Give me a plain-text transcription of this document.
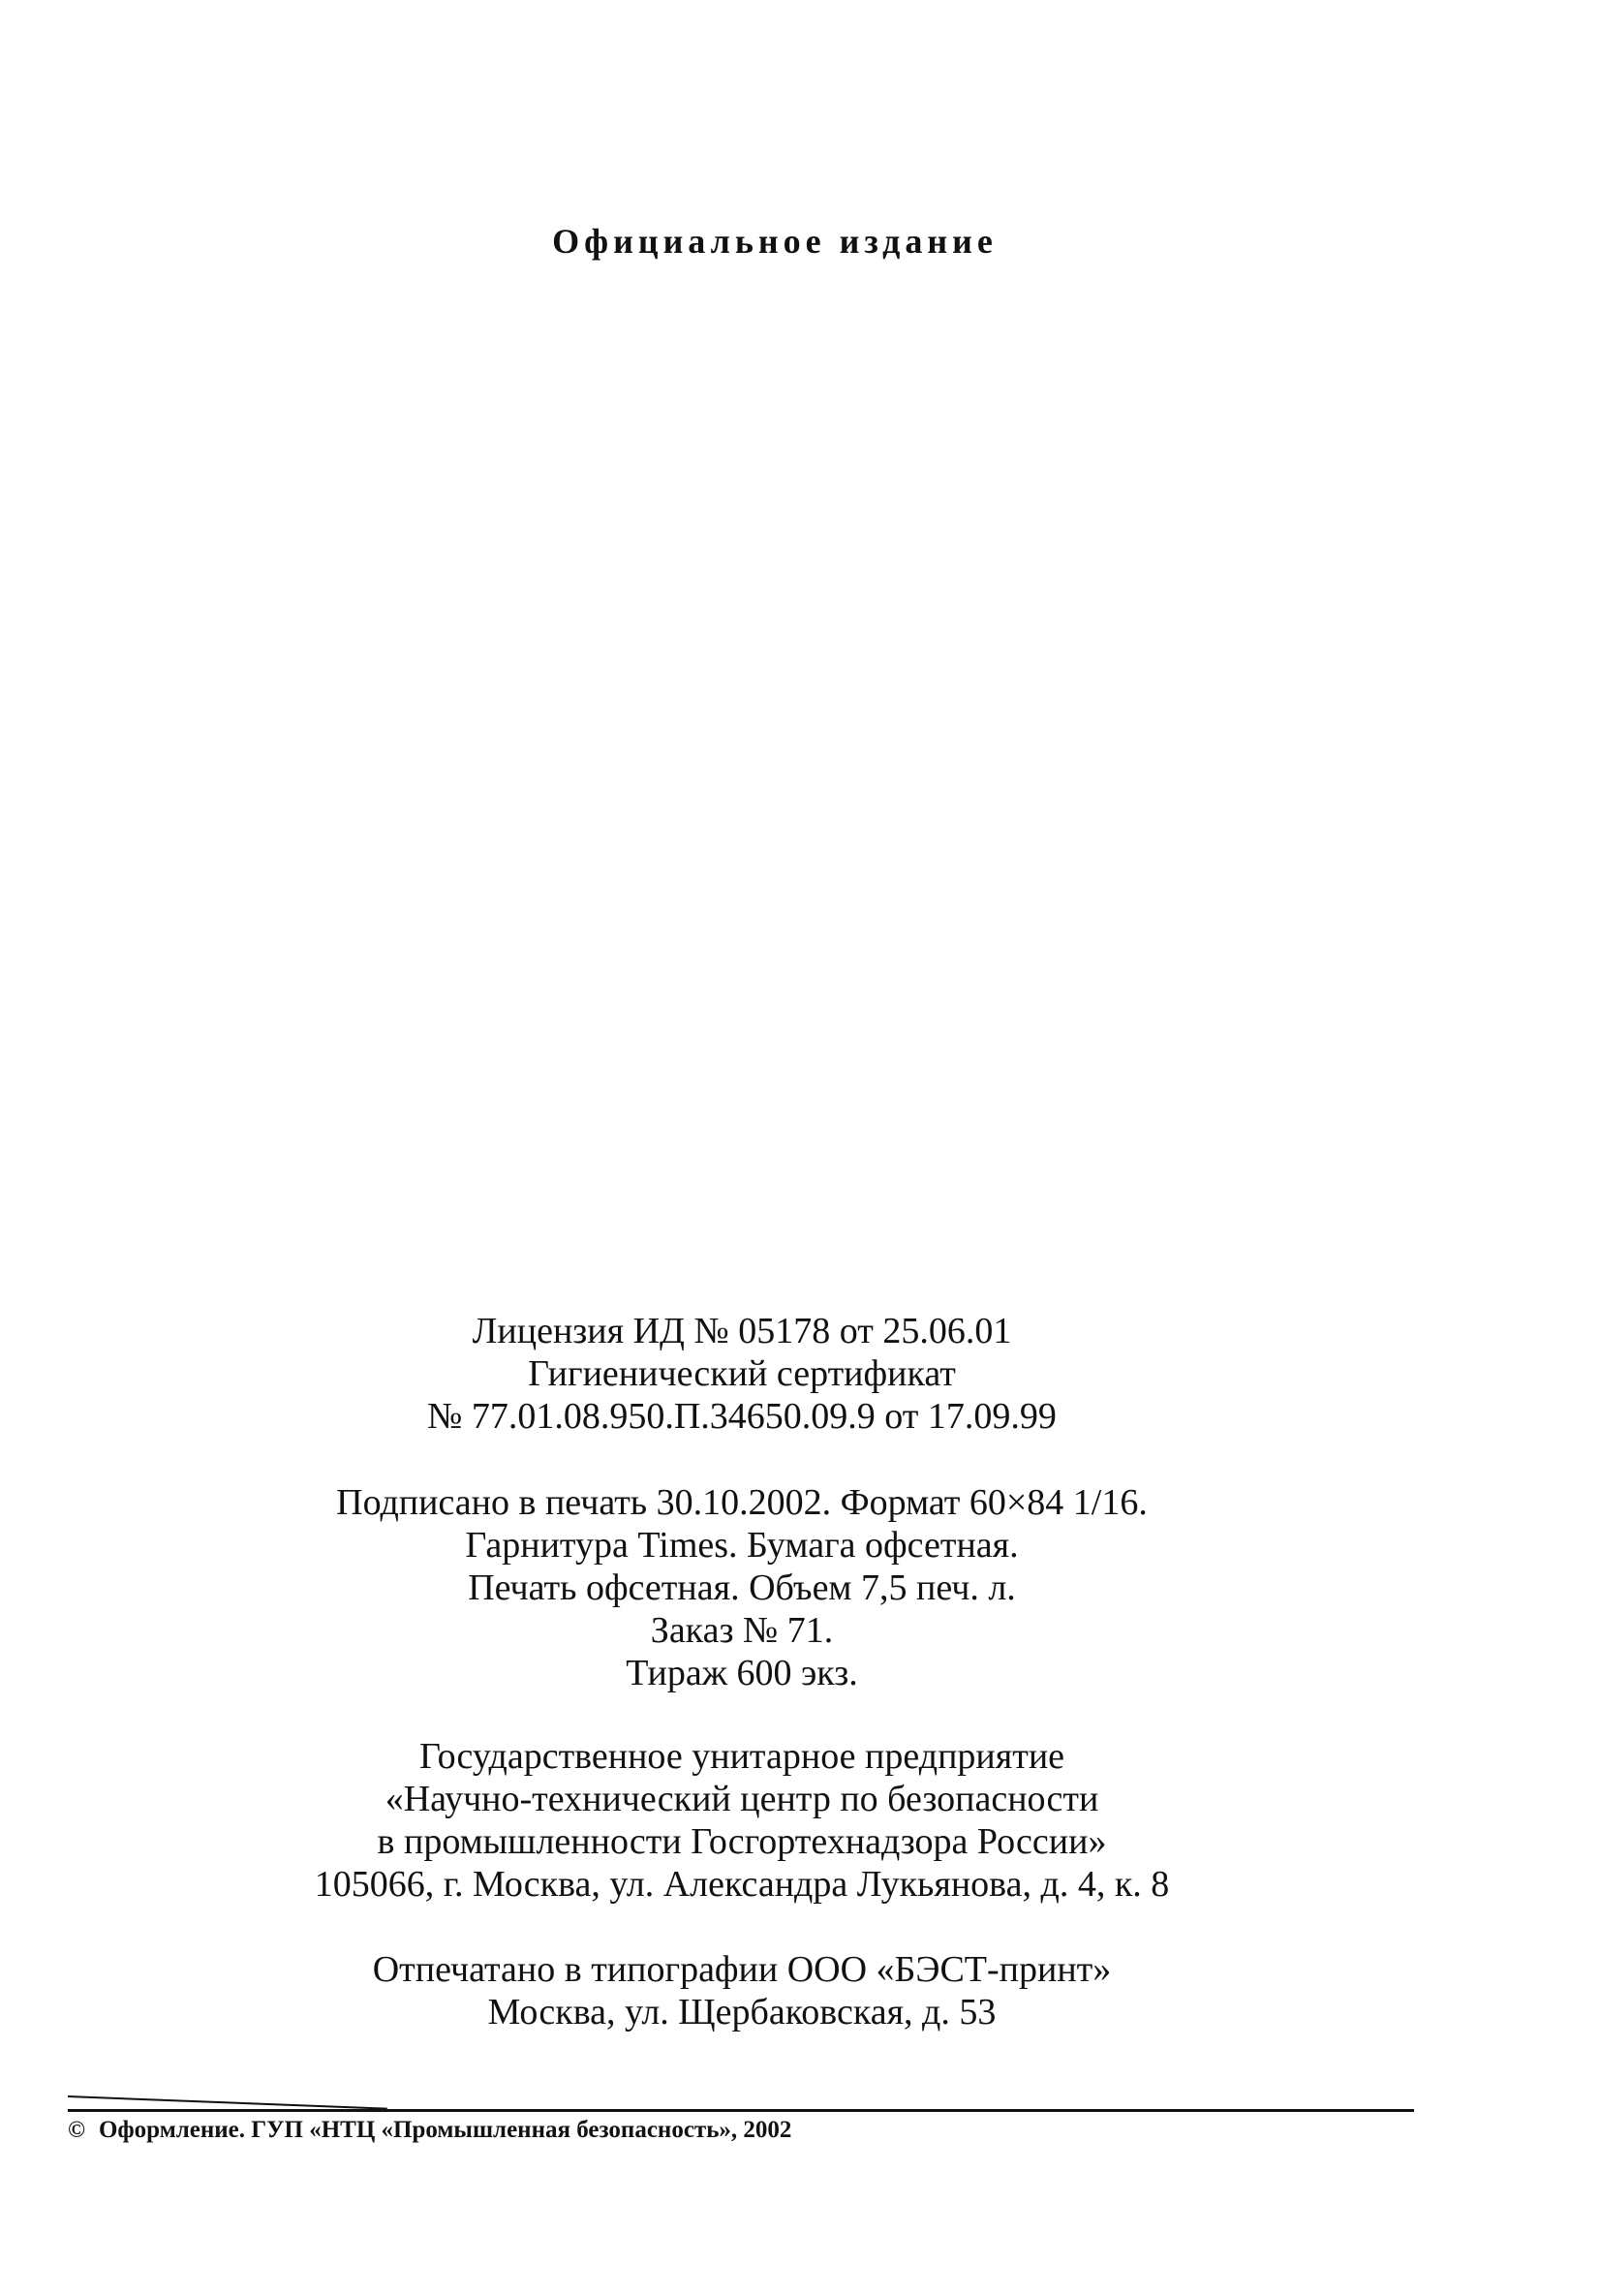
Официальное издание
Лицензия ИД № 05178 от 25.06.01
Гигиенический сертификат
№ 77.01.08.950.П.34650.09.9 от 17.09.99
Подписано в печать 30.10.2002. Формат 60×84 1/16.
Гарнитура Times. Бумага офсетная.
Печать офсетная. Объем 7,5 печ. л.
Заказ № 71.
Тираж 600 экз.
Государственное унитарное предприятие
«Научно-технический центр по безопасности
в промышленности Госгортехнадзора России»
105066, г. Москва, ул. Александра Лукьянова, д. 4, к. 8
Отпечатано в типографии ООО «БЭСТ-принт»
Москва, ул. Щербаковская, д. 53
© Оформление. ГУП «НТЦ «Промышленная безопасность», 2002
